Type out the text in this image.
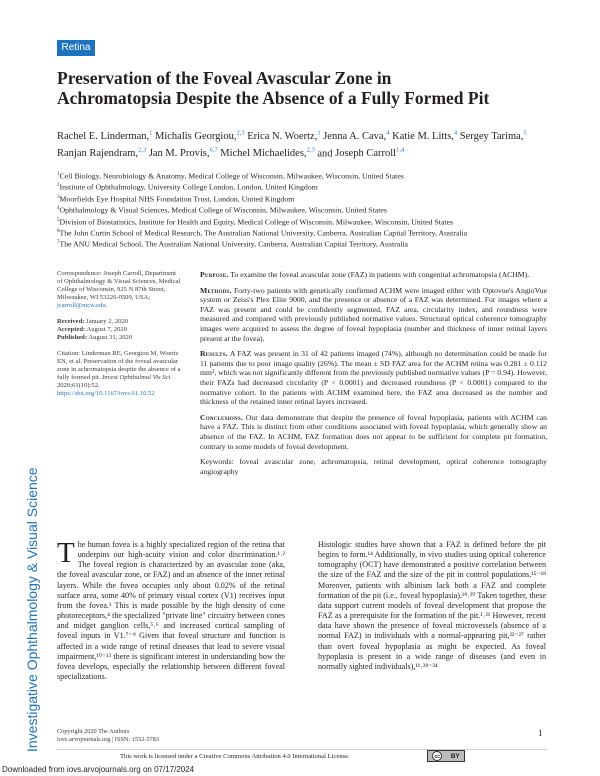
Investigative Ophthalmology & Visual Science
Retina
Preservation of the Foveal Avascular Zone in
Achromatopsia Despite the Absence of a Fully Formed Pit
Rachel E. Linderman,$^1$ Michalis Georgiou,$^{2,3}$ Erica N. Woertz,$^1$ Jenna A. Cava,$^4$ Katie M. Litts,$^4$ Sergey Tarima,$^5$ Ranjan Rajendram,$^{2,3}$ Jan M. Provis,$^{6,7}$ Michel Michaelides,$^{2,3}$ and Joseph Carroll$^{1,4}$
$^1$Cell Biology, Neurobiology & Anatomy, Medical College of Wisconsin, Milwaukee, Wisconsin, United States
$^2$Institute of Ophthalmology, University College London, London, United Kingdom
$^3$Moorfields Eye Hospital NHS Foundation Trust, London, United Kingdom
$^4$Ophthalmology & Visual Sciences, Medical College of Wisconsin, Milwaukee, Wisconsin, United States
$^5$Division of Biostatistics, Institute for Health and Equity, Medical College of Wisconsin, Milwaukee, Wisconsin, United States
$^6$The John Curtin School of Medical Research, The Australian National University, Canberra, Australian Capital Territory, Australia
$^7$The ANU Medical School, The Australian National University, Canberra, Australian Capital Territory, Australia
Correspondence: Joseph Carroll, Department of Ophthalmology & Visual Sciences, Medical College of Wisconsin, 925 N 87th Street, Milwaukee, WI 53226-0509, USA; jcarroll@mcw.edu.
Received: January 2, 2020
Accepted: August 7, 2020
Published: August 31, 2020
Citation: Linderman RE, Georgiou M, Woertz EN, et al. Preservation of the foveal avascular zone in achromatopsia despite the absence of a fully formed pit. Invest Ophthalmol Vis Sci. 2020;61(10):52. https://doi.org/10.1167/iovs.61.10.52

Purpose. To examine the foveal avascular zone (FAZ) in patients with congenital achromatopsia (ACHM).

Methods. Forty-two patients with genetically confirmed ACHM were imaged either with Optovue's AngioVue system or Zeiss's Plex Elite 9000, and the presence or absence of a FAZ was determined. For images where a FAZ was present and could be confidently segmented, FAZ area, circularity index, and roundness were measured and compared with previously published normative values. Structural optical coherence tomography images were acquired to assess the degree of foveal hypoplasia (number and thickness of inner retinal layers present at the fovea).

Results. A FAZ was present in 31 of 42 patients imaged (74%), although no determination could be made for 11 patients due to poor image quality (26%). The mean ± SD FAZ area for the ACHM retina was 0.281 ± 0.112 mm², which was not significantly different from the previously published normative values (P = 0.94). However, their FAZs had decreased circularity (P < 0.0001) and decreased roundness (P < 0.0001) compared to the normative cohort. In the patients with ACHM examined here, the FAZ area decreased as the number and thickness of the retained inner retinal layers increased.

Conclusions. Our data demonstrate that despite the presence of foveal hypoplasia, patients with ACHM can have a FAZ. This is distinct from other conditions associated with foveal hypoplasia, which generally show an absence of the FAZ. In ACHM, FAZ formation does not appear to be sufficient for complete pit formation, contrary to some models of foveal development.

Keywords: foveal avascular zone, achromatopsia, retinal development, optical coherence tomography angiography

The human fovea is a highly specialized region of the retina that underpins our high-acuity vision and color discrimination.¹˒² The foveal region is characterized by an avascular zone (aka, the foveal avascular zone, or FAZ) and an absence of the inner retinal layers. While the fovea occupies only about 0.02% of the retinal surface area, some 40% of primary visual cortex (V1) receives input from the fovea.³ This is made possible by the high density of cone photoreceptors,⁴ the specialized "private line" circuitry between cones and midget ganglion cells,⁵˒⁶ and increased cortical sampling of foveal inputs in V1.⁷⁻⁹ Given that foveal structure and function is affected in a wide range of retinal diseases that lead to severe visual impairment,¹⁰⁻¹³ there is significant interest in understanding how the fovea develops, especially the relationship between different foveal specializations.
Histologic studies have shown that a FAZ is defined before the pit begins to form.¹⁴ Additionally, in vivo studies using optical coherence tomography (OCT) have demonstrated a positive correlation between the size of the FAZ and the size of the pit in control populations.¹⁵⁻¹⁸ Moreover, patients with albinism lack both a FAZ and complete formation of the pit (i.e., foveal hypoplasia).¹⁹˒²⁰ Taken together, these data support current models of foveal development that propose the FAZ as a prerequisite for the formation of the pit.¹˒²¹ However, recent data have shown the presence of foveal microvessels (absence of a normal FAZ) in individuals with a normal-appearing pit,²²⁻²⁷ rather than overt foveal hypoplasia as might be expected. As foveal hypoplasia is present in a wide range of diseases (and even in normally sighted individuals),¹¹˒²⁸⁻³⁴
Copyright 2020 The Authors
iovs.arvojournals.org | ISSN: 1552-5783
1
This work is licensed under a Creative Commons Attribution 4.0 International License.	cc	BY
Downloaded from iovs.arvojournals.org on 07/17/2024
